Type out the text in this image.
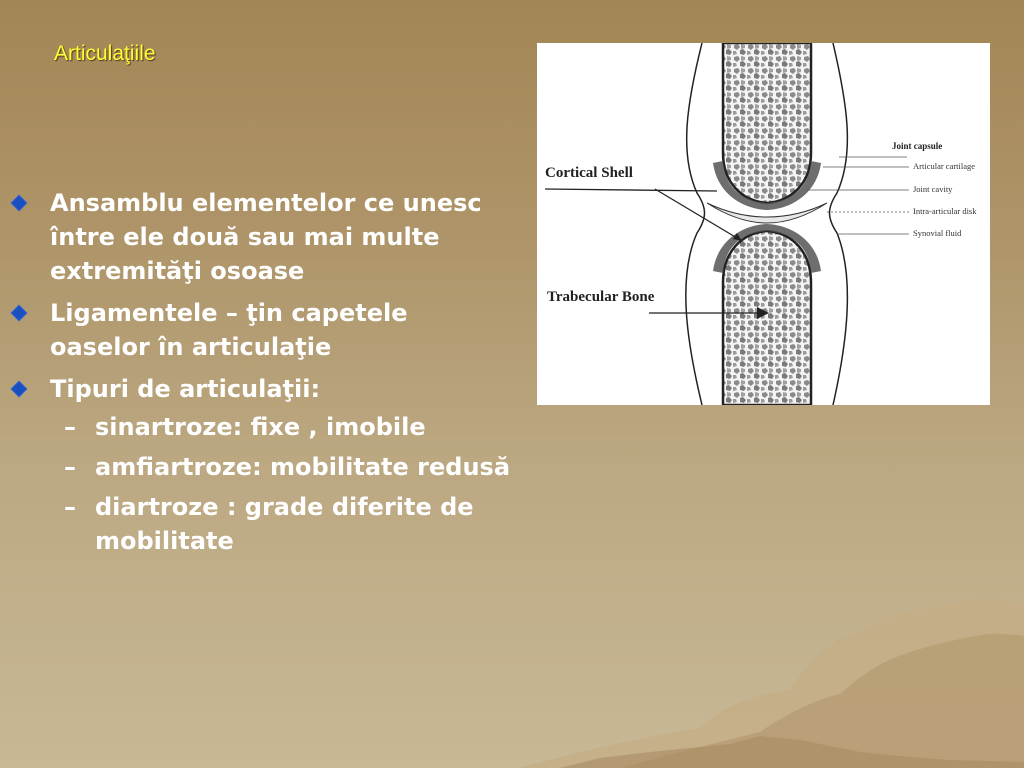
Articulaţiile
Ansamblu elementelor ce unesc între ele două sau mai multe extremităţi osoase
Ligamentele – ţin capetele oaselor în articulaţie
Tipuri de articulaţii:
– sinartroze: fixe , imobile
– amfiartroze: mobilitate redusă
– diartroze : grade diferite de mobilitate
Cortical Shell
Trabecular Bone
Joint capsule
Articular cartilage
Joint cavity
Intra-articular disk
Synovial fluid
